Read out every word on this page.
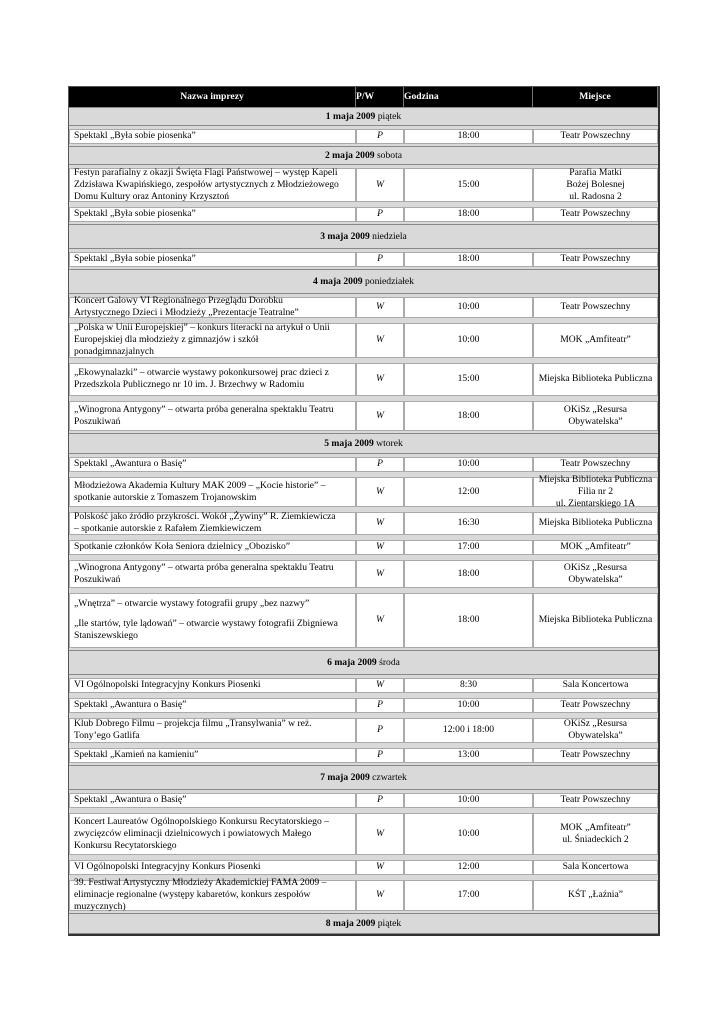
Nazwa imprezy	P/W	Godzina	Miejsce
1 maja 2009 piątek			

Spektakl „Była sobie piosenka”	P	18:00	Teatr Powszechny

2 maja 2009 sobota			

Festyn parafialny z okazji Święta Flagi Państwowej – występ Kapeli
Zdzisława Kwapińskiego, zespołów artystycznych z Młodzieżowego
Domu Kultury oraz Antoniny Krzysztoń	W	15:00	Parafia Matki
Bożej Bolesnej
ul. Radosna 2

Spektakl „Była sobie piosenka”	P	18:00	Teatr Powszechny

3 maja 2009 niedziela			

Spektakl „Była sobie piosenka”	P	18:00	Teatr Powszechny

4 maja 2009 poniedziałek			

Koncert Galowy VI Regionalnego Przeglądu Dorobku
Artystycznego Dzieci i Młodzieży „Prezentacje Teatralne”	W	10:00	Teatr Powszechny

„Polska w Unii Europejskiej” – konkurs literacki na artykuł o Unii
Europejskiej dla młodzieży z gimnazjów i szkół
ponadgimnazjalnych	W	10:00	MOK „Amfiteatr”

„Ekowynalazki” – otwarcie wystawy pokonkursowej prac dzieci z
Przedszkola Publicznego nr 10 im. J. Brzechwy w Radomiu	W	15:00	Miejska Biblioteka Publiczna

„Winogrona Antygony” – otwarta próba generalna spektaklu Teatru
Poszukiwań	W	18:00	OKiSz „Resursa Obywatelska”

5 maja 2009 wtorek			

Spektakl „Awantura o Basię”	P	10:00	Teatr Powszechny

Młodzieżowa Akademia Kultury MAK 2009 – „Kocie historie” –
spotkanie autorskie z Tomaszem Trojanowskim	W	12:00	Miejska Biblioteka Publiczna
Filia nr 2
ul. Zientarskiego 1A

Polskość jako źródło przykrości. Wokół „Żywiny” R. Ziemkiewicza
– spotkanie autorskie z Rafałem Ziemkiewiczem	W	16:30	Miejska Biblioteka Publiczna

Spotkanie członków Koła Seniora dzielnicy „Obozisko”	W	17:00	MOK „Amfiteatr”

„Winogrona Antygony” – otwarta próba generalna spektaklu Teatru
Poszukiwań	W	18:00	OKiSz „Resursa Obywatelska”

„Wnętrza” – otwarcie wystawy fotografii grupy „bez nazwy”
„Ile startów, tyle lądowań” – otwarcie wystawy fotografii Zbigniewa
Staniszewskiego	W	18:00	Miejska Biblioteka Publiczna

6 maja 2009 środa			

VI Ogólnopolski Integracyjny Konkurs Piosenki	W	8:30	Sala Koncertowa

Spektakl „Awantura o Basię”	P	10:00	Teatr Powszechny

Klub Dobrego Filmu – projekcja filmu „Transylwania” w reż.
Tony’ego Gatlifa	P	12:00 i 18:00	OKiSz „Resursa Obywatelska”

Spektakl „Kamień na kamieniu”	P	13:00	Teatr Powszechny

7 maja 2009 czwartek			

Spektakl „Awantura o Basię”	P	10:00	Teatr Powszechny

Koncert Laureatów Ogólnopolskiego Konkursu Recytatorskiego –
zwycięzców eliminacji dzielnicowych i powiatowych Małego
Konkursu Recytatorskiego	W	10:00	MOK „Amfiteatr”
ul. Śniadeckich 2

VI Ogólnopolski Integracyjny Konkurs Piosenki	W	12:00	Sala Koncertowa

39. Festiwal Artystyczny Młodzieży Akademickiej FAMA 2009 –
eliminacje regionalne (występy kabaretów, konkurs zespołów
muzycznych)	W	17:00	KŚT „Łaźnia”

8 maja 2009 piątek			
